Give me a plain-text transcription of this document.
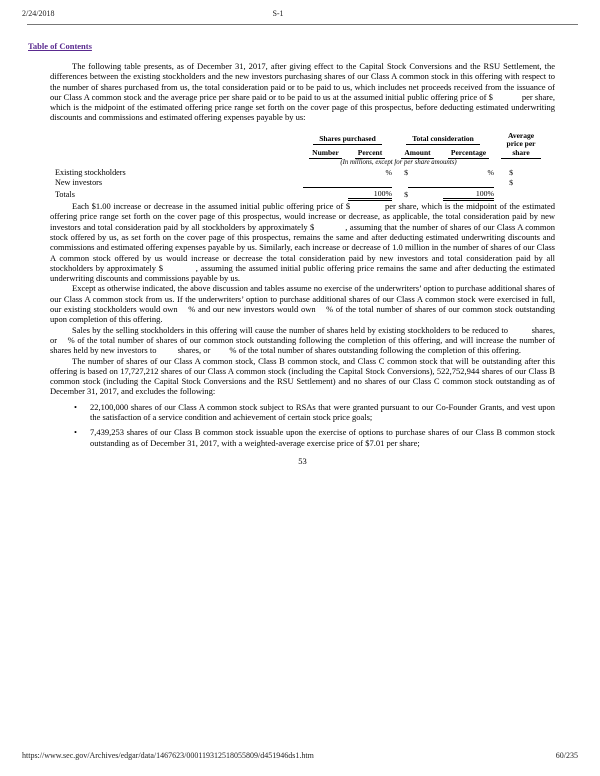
2/24/2018	S-1
Table of Contents

The following table presents, as of December 31, 2017, after giving effect to the Capital Stock Conversions and the RSU Settlement, the differences between the existing stockholders and the new investors purchasing shares of our Class A common stock in this offering with respect to the number of shares purchased from us, the total consideration paid or to be paid to us, which includes net proceeds received from the issuance of our Class A common stock and the average price per share paid or to be paid to us at the assumed initial public offering price of $             per share, which is the midpoint of the estimated offering price range set forth on the cover page of this prospectus, before deducting estimated underwriting discounts and commissions and estimated offering expenses payable by us:

	Shares purchased		Total consideration			Average price per share	
	Number	Percent	Amount		Percentage		
	(In millions, except for per share amounts)						
Existing stockholders		%	$		%	$	
New investors						$	
Totals		100%	$		100%		

Each $1.00 increase or decrease in the assumed initial public offering price of $             per share, which is the midpoint of the estimated offering price range set forth on the cover page of this prospectus, would increase or decrease, as applicable, the total consideration paid by new investors and total consideration paid by all stockholders by approximately $             , assuming that the number of shares of our Class A common stock offered by us, as set forth on the cover page of this prospectus, remains the same and after deducting estimated underwriting discounts and commissions and estimated offering expenses payable by us. Similarly, each increase or decrease of 1.0 million in the number of shares of our Class A common stock offered by us would increase or decrease the total consideration paid by new investors and total consideration paid by all stockholders by approximately $            , assuming the assumed initial public offering price remains the same and after deducting the estimated underwriting discounts and commissions payable by us.

Except as otherwise indicated, the above discussion and tables assume no exercise of the underwriters’ option to purchase additional shares of our Class A common stock from us. If the underwriters’ option to purchase additional shares of our Class A common stock were exercised in full, our existing stockholders would own    % and our new investors would own    % of the total number of shares of our common stock outstanding upon completion of this offering.

Sales by the selling stockholders in this offering will cause the number of shares held by existing stockholders to be reduced to          shares, or    % of the total number of shares of our common stock outstanding following the completion of this offering, and will increase the number of shares held by new investors to          shares, or         % of the total number of shares outstanding following the completion of this offering.

The number of shares of our Class A common stock, Class B common stock, and Class C common stock that will be outstanding after this offering is based on 17,727,212 shares of our Class A common stock (including the Capital Stock Conversions), 522,752,944 shares of our Class B common stock (including the Capital Stock Conversions and the RSU Settlement) and no shares of our Class C common stock outstanding as of December 31, 2017, and excludes the following:

•	22,100,000 shares of our Class A common stock subject to RSAs that were granted pursuant to our Co-Founder Grants, and vest upon the satisfaction of a service condition and achievement of certain stock price goals;
•	7,439,253 shares of our Class B common stock issuable upon the exercise of options to purchase shares of our Class B common stock outstanding as of December 31, 2017, with a weighted-average exercise price of $7.01 per share;
53
https://www.sec.gov/Archives/edgar/data/1467623/000119312518055809/d451946ds1.htm	60/235
